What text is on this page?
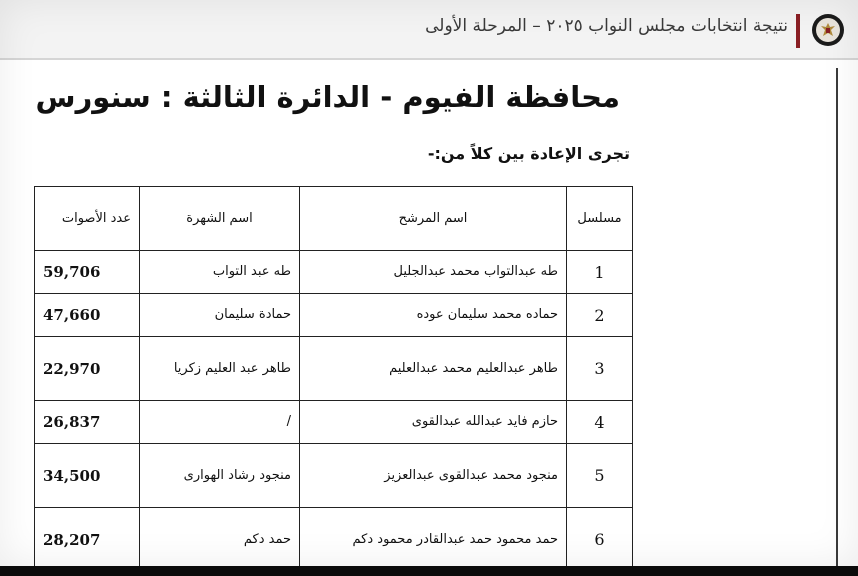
نتيجة انتخابات مجلس النواب ٢٠٢٥ – المرحلة الأولى
محافظة الفيوم - الدائرة الثالثة : سنورس
تجرى الإعادة بين كلاً من:-
مسلسل	اسم المرشح	اسم الشهرة	عدد الأصوات
1	طه عبدالتواب محمد عبدالجليل	طه عبد التواب	59,706
2	حماده محمد سليمان عوده	حمادة سليمان	47,660
3	طاهر عبدالعليم محمد عبدالعليم	طاهر عبد العليم زكريا	22,970
4	حازم فايد عبدالله عبدالقوى	/	26,837
5	منجود محمد عبدالقوى عبدالعزيز	منجود رشاد الهوارى	34,500
6	حمد محمود حمد عبدالقادر محمود دكم	حمد دكم	28,207
